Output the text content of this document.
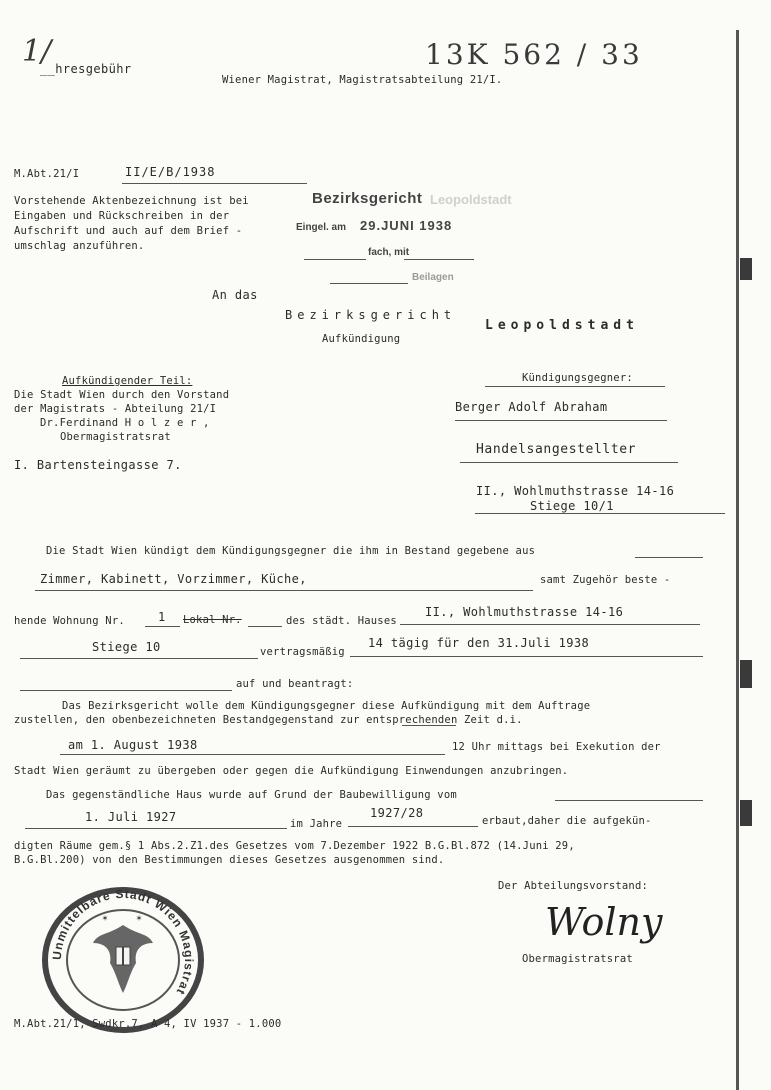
1/
__hresgebühr
Wiener Magistrat, Magistratsabteilung 21/I.
13K 562 / 33
M.Abt.21/I	II/E/B/1938
Vorstehende Aktenbezeichnung ist bei
Eingaben und Rückschreiben in der
Aufschrift und auch auf dem Brief -
umschlag anzuführen.
Bezirksgericht Leopoldstadt
Eingel. am 29.JUNI 1938
fach, mit
Beilagen
An das
Bezirksgericht
Leopoldstadt
Aufkündigung
Aufkündigender Teil:
Die Stadt Wien durch den Vorstand
der Magistrats - Abteilung 21/I
Dr.Ferdinand H o l z e r ,
Obermagistratsrat
I. Bartensteingasse 7.
Kündigungsgegner:
Berger Adolf Abraham
Handelsangestellter
II., Wohlmuthstrasse 14-16
Stiege 10/1
Die Stadt Wien kündigt dem Kündigungsgegner die ihm in Bestand gegebene aus
Zimmer, Kabinett, Vorzimmer, Küche,	samt Zugehör beste -
hende Wohnung Nr.	1 Lokal Nr.	des städt. Hauses
II., Wohlmuthstrasse 14-16
Stiege 10	vertragsmäßig
14 tägig für den 31.Juli 1938
auf und beantragt:
Das Bezirksgericht wolle dem Kündigungsgegner diese Aufkündigung mit dem Auftrage
zustellen, den obenbezeichneten Bestandgegenstand zur entsprechenden Zeit d.i.
am 1. August 1938	12 Uhr mittags bei Exekution der
Stadt Wien geräumt zu übergeben oder gegen die Aufkündigung Einwendungen anzubringen.
Das gegenständliche Haus wurde auf Grund der Baubewilligung vom
1. Juli 1927	im Jahre
1927/28
erbaut,daher die aufgekün-
digten Räume gem.§ 1 Abs.2.Z1.des Gesetzes vom 7.Dezember 1922 B.G.Bl.872 (14.Juni 29,
B.G.Bl.200) von den Bestimmungen dieses Gesetzes ausgenommen sind.
Der Abteilungsvorstand:
Wolny
Obermagistratsrat
Unmittelbare Stadt Wien Magistrat
✶	✶
M.Abt.21/1, Swdkr.7, A 4, IV 1937 - 1.000
